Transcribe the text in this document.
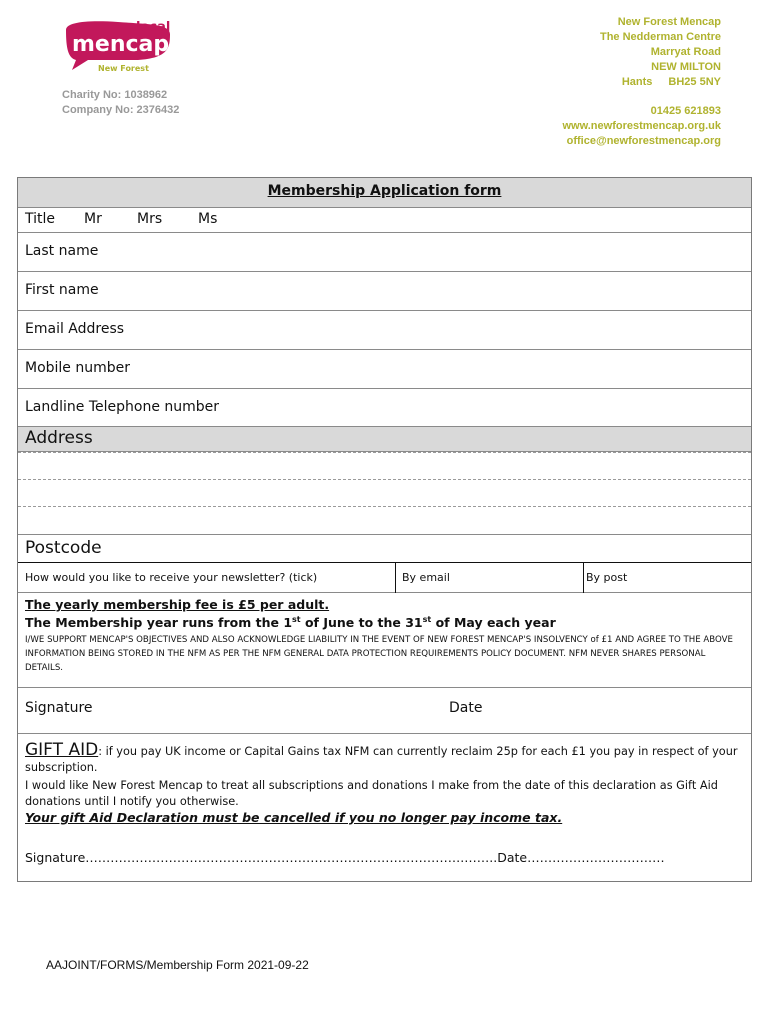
mencap
local
New Forest
Charity No: 1038962
Company No: 2376432
New Forest Mencap
The Nedderman Centre
Marryat Road
NEW MILTON
Hants BH25 5NY
01425 621893
www.newforestmencap.org.uk
office@newforestmencap.org
Membership Application form
Title Mr	Mrs	Ms
Last name
First name
Email Address
Mobile number
Landline Telephone number
Address
Postcode
How would you like to receive your newsletter? (tick)	By email	By post
The yearly membership fee is £5 per adult.
The Membership year runs from the 1st of June to the 31st of May each year
I/WE SUPPORT MENCAP'S OBJECTIVES AND ALSO ACKNOWLEDGE LIABILITY IN THE EVENT OF NEW FOREST MENCAP'S INSOLVENCY of £1 AND AGREE TO THE ABOVE INFORMATION BEING STORED IN THE NFM AS PER THE NFM GENERAL DATA PROTECTION REQUIREMENTS POLICY DOCUMENT. NFM NEVER SHARES PERSONAL DETAILS.
Signature	Date
GIFT AID: if you pay UK income or Capital Gains tax NFM can currently reclaim 25p for each £1 you pay in respect of your subscription.
I would like New Forest Mencap to treat all subscriptions and donations I make from the date of this declaration as Gift Aid donations until I notify you otherwise.
Your gift Aid Declaration must be cancelled if you no longer pay income tax.
Signature……………………………………………………………………………….……..Date……………………………
AAJOINT/FORMS/Membership Form 2021-09-22
